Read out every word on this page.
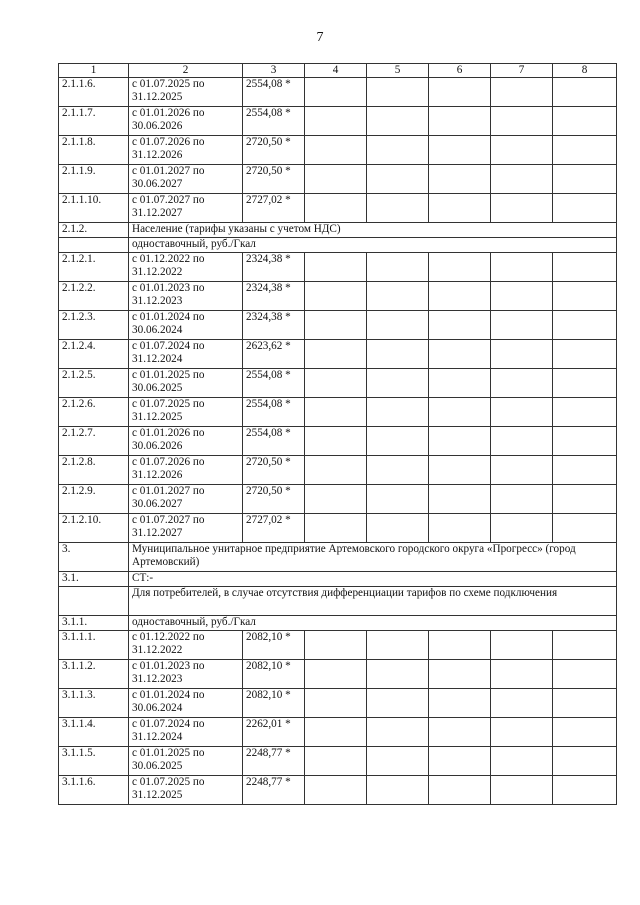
7
1	2	3	4	5	6	7	8
2.1.1.6.	с 01.07.2025 по 31.12.2025	2554,08 *					
2.1.1.7.	с 01.01.2026 по 30.06.2026	2554,08 *					
2.1.1.8.	с 01.07.2026 по 31.12.2026	2720,50 *					
2.1.1.9.	с 01.01.2027 по 30.06.2027	2720,50 *					
2.1.1.10.	с 01.07.2027 по 31.12.2027	2727,02 *					
2.1.2.	Население (тарифы указаны с учетом НДС)						
	одноставочный, руб./Гкал						
2.1.2.1.	с 01.12.2022 по 31.12.2022	2324,38 *					
2.1.2.2.	с 01.01.2023 по 31.12.2023	2324,38 *					
2.1.2.3.	с 01.01.2024 по 30.06.2024	2324,38 *					
2.1.2.4.	с 01.07.2024 по 31.12.2024	2623,62 *					
2.1.2.5.	с 01.01.2025 по 30.06.2025	2554,08 *					
2.1.2.6.	с 01.07.2025 по 31.12.2025	2554,08 *					
2.1.2.7.	с 01.01.2026 по 30.06.2026	2554,08 *					
2.1.2.8.	с 01.07.2026 по 31.12.2026	2720,50 *					
2.1.2.9.	с 01.01.2027 по 30.06.2027	2720,50 *					
2.1.2.10.	с 01.07.2027 по 31.12.2027	2727,02 *					
3.	Муниципальное унитарное предприятие Артемовского городского округа «Прогресс» (город Артемовский)						
3.1.	СТ:-						
	Для потребителей, в случае отсутствия дифференциации тарифов по схеме подключения						
3.1.1.	одноставочный, руб./Гкал						
3.1.1.1.	с 01.12.2022 по 31.12.2022	2082,10 *					
3.1.1.2.	с 01.01.2023 по 31.12.2023	2082,10 *					
3.1.1.3.	с 01.01.2024 по 30.06.2024	2082,10 *					
3.1.1.4.	с 01.07.2024 по 31.12.2024	2262,01 *					
3.1.1.5.	с 01.01.2025 по 30.06.2025	2248,77 *					
3.1.1.6.	с 01.07.2025 по 31.12.2025	2248,77 *					
